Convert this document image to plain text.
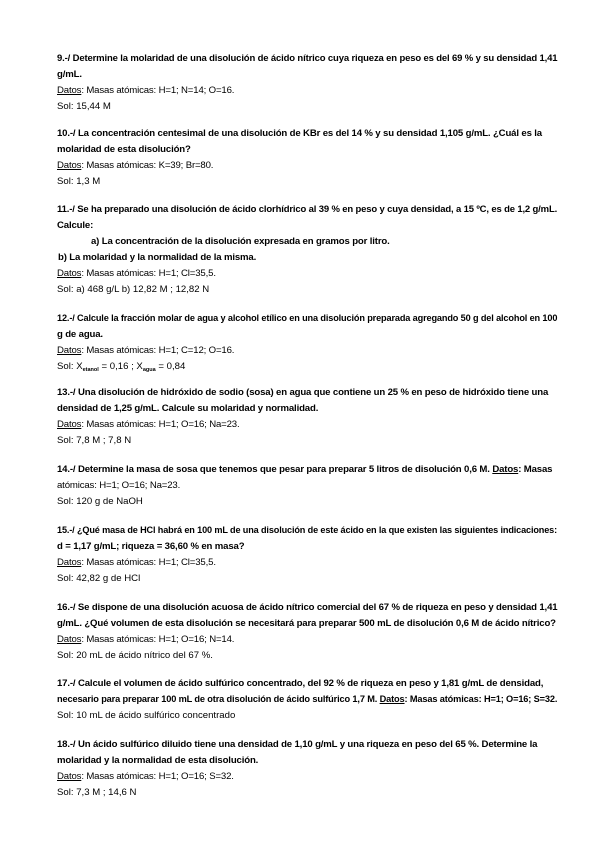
9.-/ Determine la molaridad de una disolución de ácido nítrico cuya riqueza en peso es del 69 % y su densidad 1,41
g/mL.
Datos: Masas atómicas: H=1; N=14; O=16.
Sol: 15,44 M
10.-/ La concentración centesimal de una disolución de KBr es del 14 % y su densidad 1,105 g/mL. ¿Cuál es la
molaridad de esta disolución?
Datos: Masas atómicas: K=39; Br=80.
Sol: 1,3 M
11.-/ Se ha preparado una disolución de ácido clorhídrico al 39 % en peso y cuya densidad, a 15 ºC, es de 1,2 g/mL.
Calcule:
a) La concentración de la disolución expresada en gramos por litro.
b) La molaridad y la normalidad de la misma.
Datos: Masas atómicas: H=1; Cl=35,5.
Sol: a) 468 g/L b) 12,82 M ; 12,82 N
12.-/ Calcule la fracción molar de agua y alcohol etílico en una disolución preparada agregando 50 g del alcohol en 100
g de agua.
Datos: Masas atómicas: H=1; C=12; O=16.
Sol: $X_{etanol} = 0,16$ ; $X_{agua} = 0,84$
13.-/ Una disolución de hidróxido de sodio (sosa) en agua que contiene un 25 % en peso de hidróxido tiene una
densidad de 1,25 g/mL. Calcule su molaridad y normalidad.
Datos: Masas atómicas: H=1; O=16; Na=23.
Sol: 7,8 M ; 7,8 N
14.-/ Determine la masa de sosa que tenemos que pesar para preparar 5 litros de disolución 0,6 M. Datos: Masas
atómicas: H=1; O=16; Na=23.
Sol: 120 g de NaOH
15.-/ ¿Qué masa de HCl habrá en 100 mL de una disolución de este ácido en la que existen las siguientes indicaciones:
d = 1,17 g/mL; riqueza = 36,60 % en masa?
Datos: Masas atómicas: H=1; Cl=35,5.
Sol: 42,82 g de HCl
16.-/ Se dispone de una disolución acuosa de ácido nítrico comercial del 67 % de riqueza en peso y densidad 1,41
g/mL. ¿Qué volumen de esta disolución se necesitará para preparar 500 mL de disolución 0,6 M de ácido nítrico?
Datos: Masas atómicas: H=1; O=16; N=14.
Sol: 20 mL de ácido nítrico del 67 %.
17.-/ Calcule el volumen de ácido sulfúrico concentrado, del 92 % de riqueza en peso y 1,81 g/mL de densidad,
necesario para preparar 100 mL de otra disolución de ácido sulfúrico 1,7 M. Datos: Masas atómicas: H=1; O=16; S=32.
Sol: 10 mL de ácido sulfúrico concentrado
18.-/ Un ácido sulfúrico diluido tiene una densidad de 1,10 g/mL y una riqueza en peso del 65 %. Determine la
molaridad y la normalidad de esta disolución.
Datos: Masas atómicas: H=1; O=16; S=32.
Sol: 7,3 M ; 14,6 N
